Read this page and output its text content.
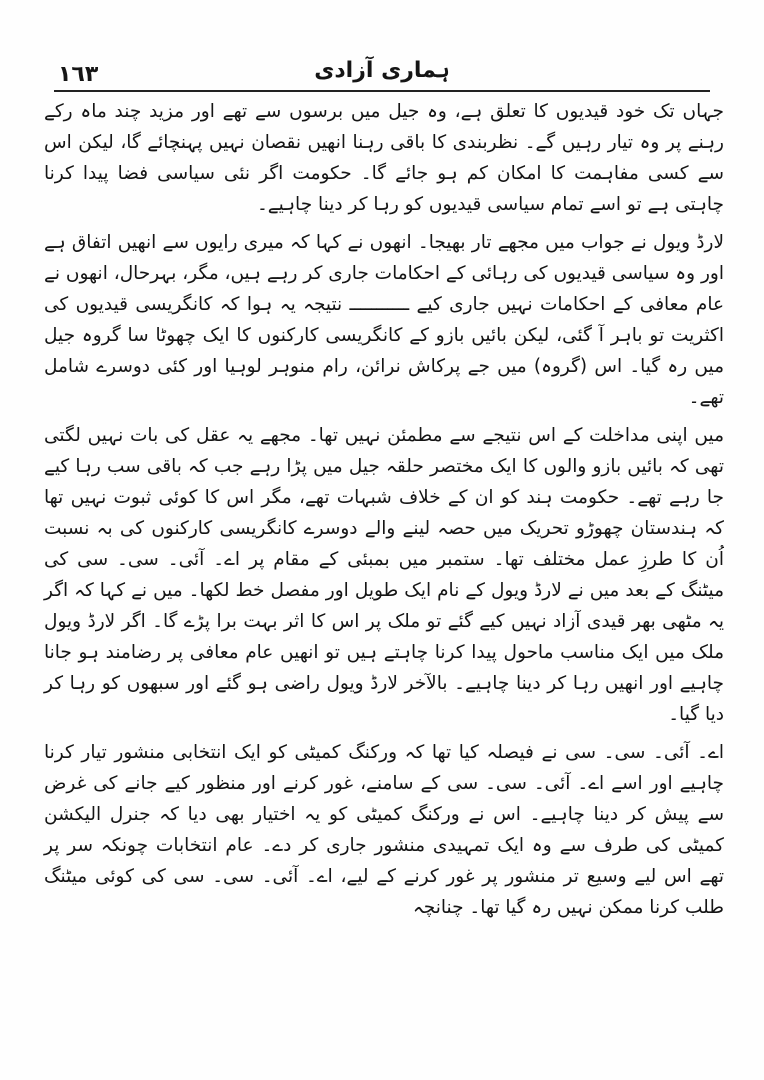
١٦٣	ہماری آزادی

جہاں تک خود قیدیوں کا تعلق ہے، وہ جیل میں برسوں سے تھے اور مزید چند ماہ رکے رہنے پر وہ تیار رہیں گے۔ نظربندی کا باقی رہنا انھیں نقصان نہیں پہنچائے گا، لیکن اس سے کسی مفاہمت کا امکان کم ہو جائے گا۔ حکومت اگر نئی سیاسی فضا پیدا کرنا چاہتی ہے تو اسے تمام سیاسی قیدیوں کو رہا کر دینا چاہیے۔

لارڈ ویول نے جواب میں مجھے تار بھیجا۔ انھوں نے کہا کہ میری رایوں سے انھیں اتفاق ہے اور وہ سیاسی قیدیوں کی رہائی کے احکامات جاری کر رہے ہیں، مگر، بہرحال، انھوں نے عام معافی کے احکامات نہیں جاری کیے ـــــــــــ نتیجہ یہ ہوا کہ کانگریسی قیدیوں کی اکثریت تو باہر آ گئی، لیکن بائیں بازو کے کانگریسی کارکنوں کا ایک چھوٹا سا گروہ جیل میں رہ گیا۔ اس (گروہ) میں جے پرکاش نرائن، رام منوہر لوہیا اور کئی دوسرے شامل تھے۔

میں اپنی مداخلت کے اس نتیجے سے مطمئن نہیں تھا۔ مجھے یہ عقل کی بات نہیں لگتی تھی کہ بائیں بازو والوں کا ایک مختصر حلقہ جیل میں پڑا رہے جب کہ باقی سب رہا کیے جا رہے تھے۔ حکومت ہند کو ان کے خلاف شبہات تھے، مگر اس کا کوئی ثبوت نہیں تھا کہ ہندستان چھوڑو تحریک میں حصہ لینے والے دوسرے کانگریسی کارکنوں کی بہ نسبت اُن کا طرزِ عمل مختلف تھا۔ ستمبر میں بمبئی کے مقام پر اے۔ آئی۔ سی۔ سی کی میٹنگ کے بعد میں نے لارڈ ویول کے نام ایک طویل اور مفصل خط لکھا۔ میں نے کہا کہ اگر یہ مٹھی بھر قیدی آزاد نہیں کیے گئے تو ملک پر اس کا اثر بہت برا پڑے گا۔ اگر لارڈ ویول ملک میں ایک مناسب ماحول پیدا کرنا چاہتے ہیں تو انھیں عام معافی پر رضامند ہو جانا چاہیے اور انھیں رہا کر دینا چاہیے۔ بالآخر لارڈ ویول راضی ہو گئے اور سبھوں کو رہا کر دیا گیا۔

اے۔ آئی۔ سی۔ سی نے فیصلہ کیا تھا کہ ورکنگ کمیٹی کو ایک انتخابی منشور تیار کرنا چاہیے اور اسے اے۔ آئی۔ سی۔ سی کے سامنے، غور کرنے اور منظور کیے جانے کی غرض سے پیش کر دینا چاہیے۔ اس نے ورکنگ کمیٹی کو یہ اختیار بھی دیا کہ جنرل الیکشن کمیٹی کی طرف سے وہ ایک تمہیدی منشور جاری کر دے۔ عام انتخابات چونکہ سر پر تھے اس لیے وسیع تر منشور پر غور کرنے کے لیے، اے۔ آئی۔ سی۔ سی کی کوئی میٹنگ طلب کرنا ممکن نہیں رہ گیا تھا۔ چنانچہ
